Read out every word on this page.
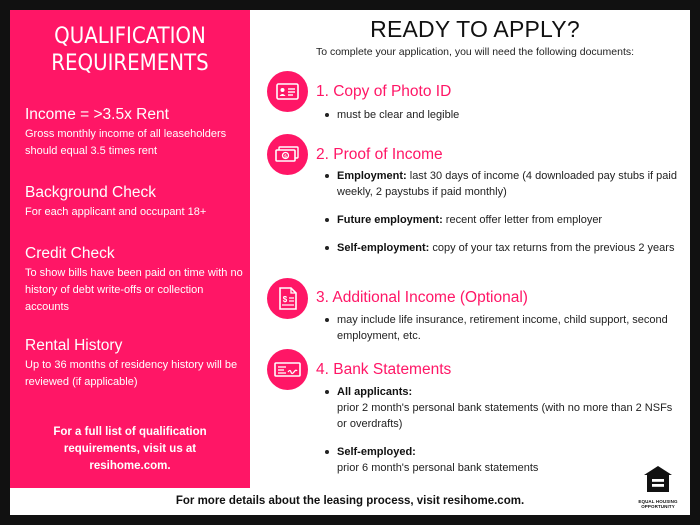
QUALIFICATION
REQUIREMENTS
Income = >3.5x Rent

Gross monthly income of all leaseholders should equal 3.5 times rent

Background Check

For each applicant and occupant 18+

Credit Check

To show bills have been paid on time with no history of debt write-offs or collection accounts

Rental History

Up to 36 months of residency history will be reviewed (if applicable)

For a full list of qualification
requirements, visit us at
resihome.com.
READY TO APPLY?
To complete your application, you will need the following documents:
1. Copy of Photo ID
must be clear and legible
$ 2. Proof of Income
Employment: last 30 days of income (4 downloaded pay stubs if paid weekly, 2 paystubs if paid monthly)
Future employment: recent offer letter from employer
Self-employment: copy of your tax returns from the previous 2 years
$ 3. Additional Income (Optional)
may include life insurance, retirement income, child support, second employment, etc.
4. Bank Statements
All applicants:
prior 2 month's personal bank statements (with no more than 2 NSFs or overdrafts)
Self-employed:
prior 6 month's personal bank statements
For more details about the leasing process, visit resihome.com.	EQUAL HOUSING
OPPORTUNITY
